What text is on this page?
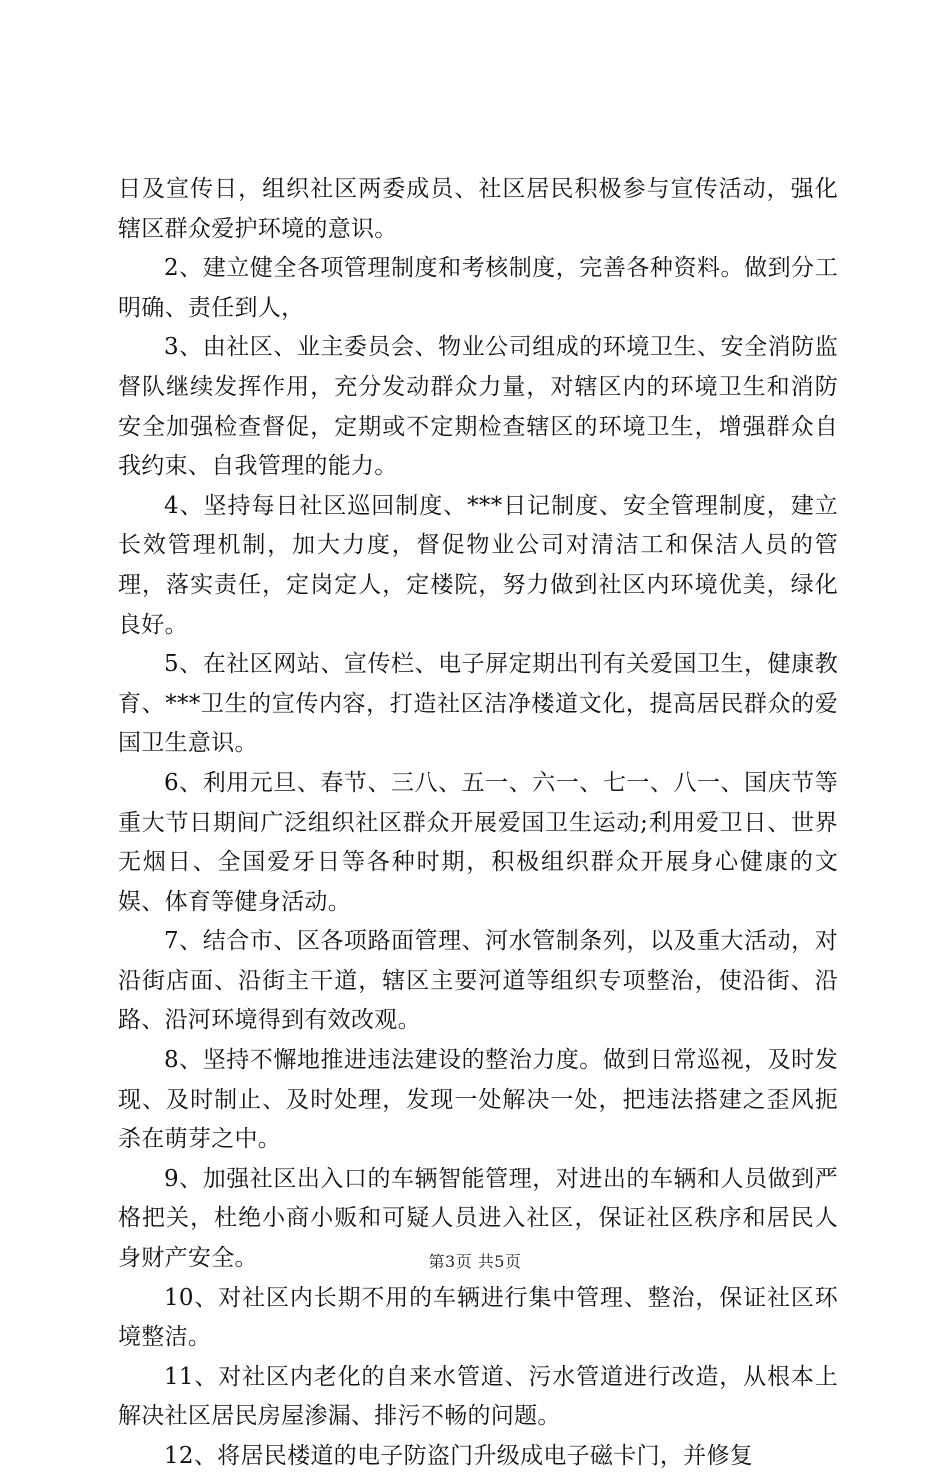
日及宣传日，组织社区两委成员、社区居民积极参与宣传活动，强化辖区群众爱护环境的意识。

2、建立健全各项管理制度和考核制度，完善各种资料。做到分工明确、责任到人，

3、由社区、业主委员会、物业公司组成的环境卫生、安全消防监督队继续发挥作用，充分发动群众力量，对辖区内的环境卫生和消防安全加强检查督促，定期或不定期检查辖区的环境卫生，增强群众自我约束、自我管理的能力。

4、坚持每日社区巡回制度、***日记制度、安全管理制度，建立长效管理机制，加大力度，督促物业公司对清洁工和保洁人员的管理，落实责任，定岗定人，定楼院，努力做到社区内环境优美，绿化良好。

5、在社区网站、宣传栏、电子屏定期出刊有关爱国卫生，健康教育、***卫生的宣传内容，打造社区洁净楼道文化，提高居民群众的爱国卫生意识。

6、利用元旦、春节、三八、五一、六一、七一、八一、国庆节等重大节日期间广泛组织社区群众开展爱国卫生运动;利用爱卫日、世界无烟日、全国爱牙日等各种时期，积极组织群众开展身心健康的文娱、体育等健身活动。

7、结合市、区各项路面管理、河水管制条列，以及重大活动，对沿街店面、沿街主干道，辖区主要河道等组织专项整治，使沿街、沿路、沿河环境得到有效改观。

8、坚持不懈地推进违法建设的整治力度。做到日常巡视，及时发现、及时制止、及时处理，发现一处解决一处，把违法搭建之歪风扼杀在萌芽之中。

9、加强社区出入口的车辆智能管理，对进出的车辆和人员做到严格把关，杜绝小商小贩和可疑人员进入社区，保证社区秩序和居民人身财产安全。

10、对社区内长期不用的车辆进行集中管理、整治，保证社区环境整洁。

11、对社区内老化的自来水管道、污水管道进行改造，从根本上解决社区居民房屋渗漏、排污不畅的问题。

12、将居民楼道的电子防盗门升级成电子磁卡门，并修复

第3页 共5页
